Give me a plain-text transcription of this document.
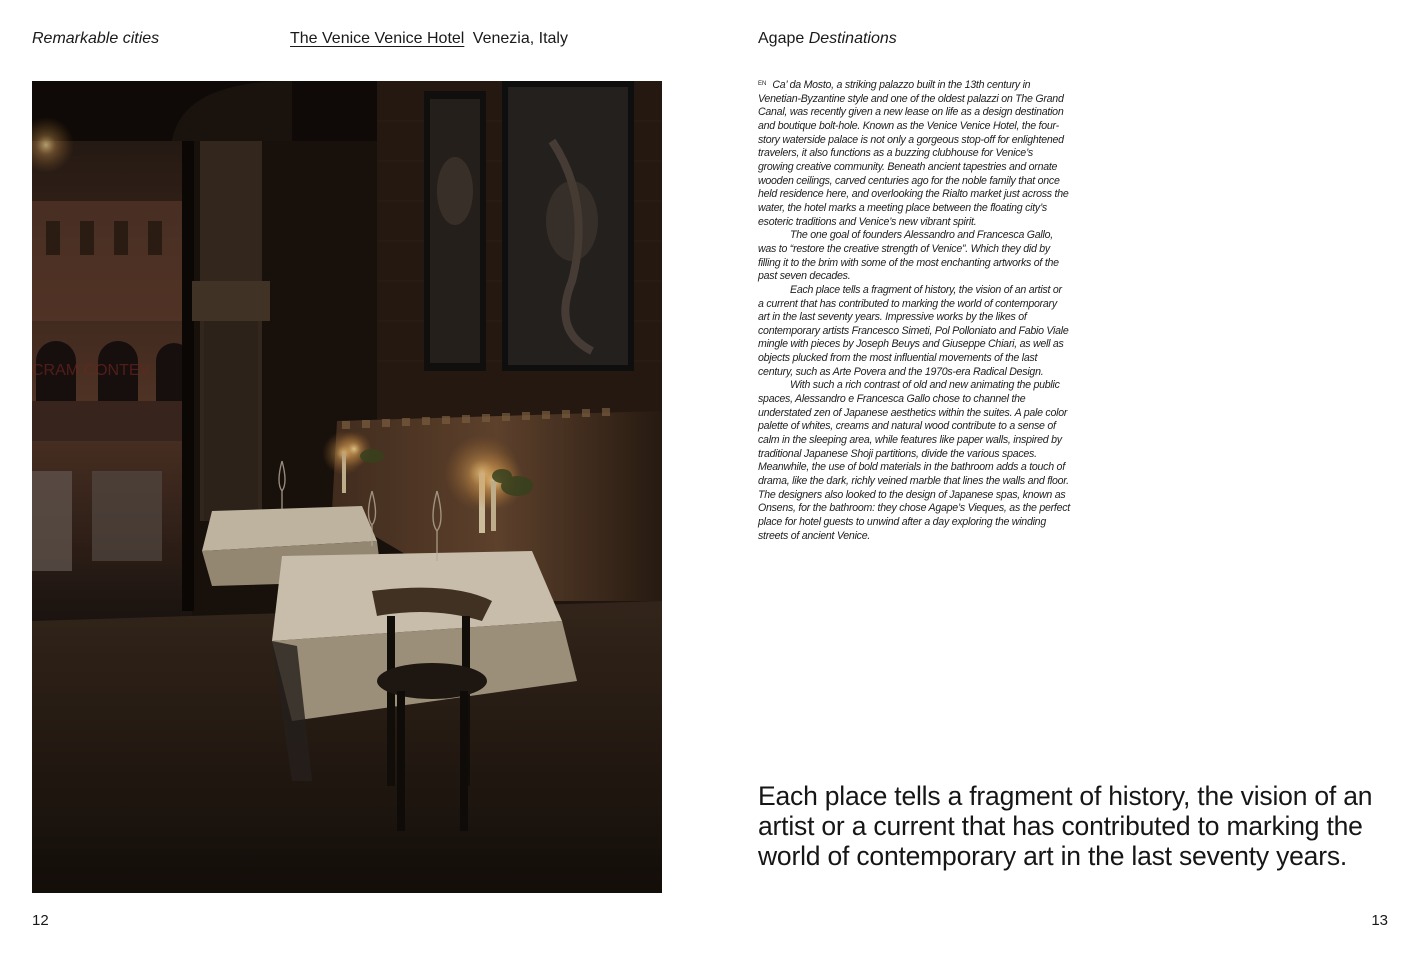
Remarkable cities	The Venice Venice Hotel Venezia, Italy	Agape Destinations
CRAM CONTEV

$^{EN}$ Ca’ da Mosto, a striking palazzo built in the 13th century in Venetian-Byzantine style and one of the oldest palazzi on The Grand Canal, was recently given a new lease on life as a design destination and boutique bolt-hole. Known as the Venice Venice Hotel, the four-story waterside palace is not only a gorgeous stop-off for enlightened travelers, it also functions as a buzzing clubhouse for Venice’s growing creative community. Beneath ancient tapestries and ornate wooden ceilings, carved centuries ago for the noble family that once held residence here, and overlooking the Rialto market just across the water, the hotel marks a meeting place between the floating city’s esoteric traditions and Venice’s new vibrant spirit.

The one goal of founders Alessandro and Francesca Gallo, was to “restore the creative strength of Venice”. Which they did by filling it to the brim with some of the most enchanting artworks of the past seven decades.

Each place tells a fragment of history, the vision of an artist or a current that has contributed to marking the world of contemporary art in the last seventy years. Impressive works by the likes of contemporary artists Francesco Simeti, Pol Polloniato and Fabio Viale mingle with pieces by Joseph Beuys and Giuseppe Chiari, as well as objects plucked from the most influential movements of the last century, such as Arte Povera and the 1970s-era Radical Design.

With such a rich contrast of old and new animating the public spaces, Alessandro e Francesca Gallo chose to channel the understated zen of Japanese aesthetics within the suites. A pale color palette of whites, creams and natural wood contribute to a sense of calm in the sleeping area, while features like paper walls, inspired by traditional Japanese Shoji partitions, divide the various spaces. Meanwhile, the use of bold materials in the bathroom adds a touch of drama, like the dark, richly veined marble that lines the walls and floor. The designers also looked to the design of Japanese spas, known as Onsens, for the bathroom: they chose Agape’s Vieques, as the perfect place for hotel guests to unwind after a day exploring the winding streets of ancient Venice.

Each place tells a fragment of history, the vision of an artist or a current that has contributed to marking the world of contemporary art in the last seventy years.
12	13
